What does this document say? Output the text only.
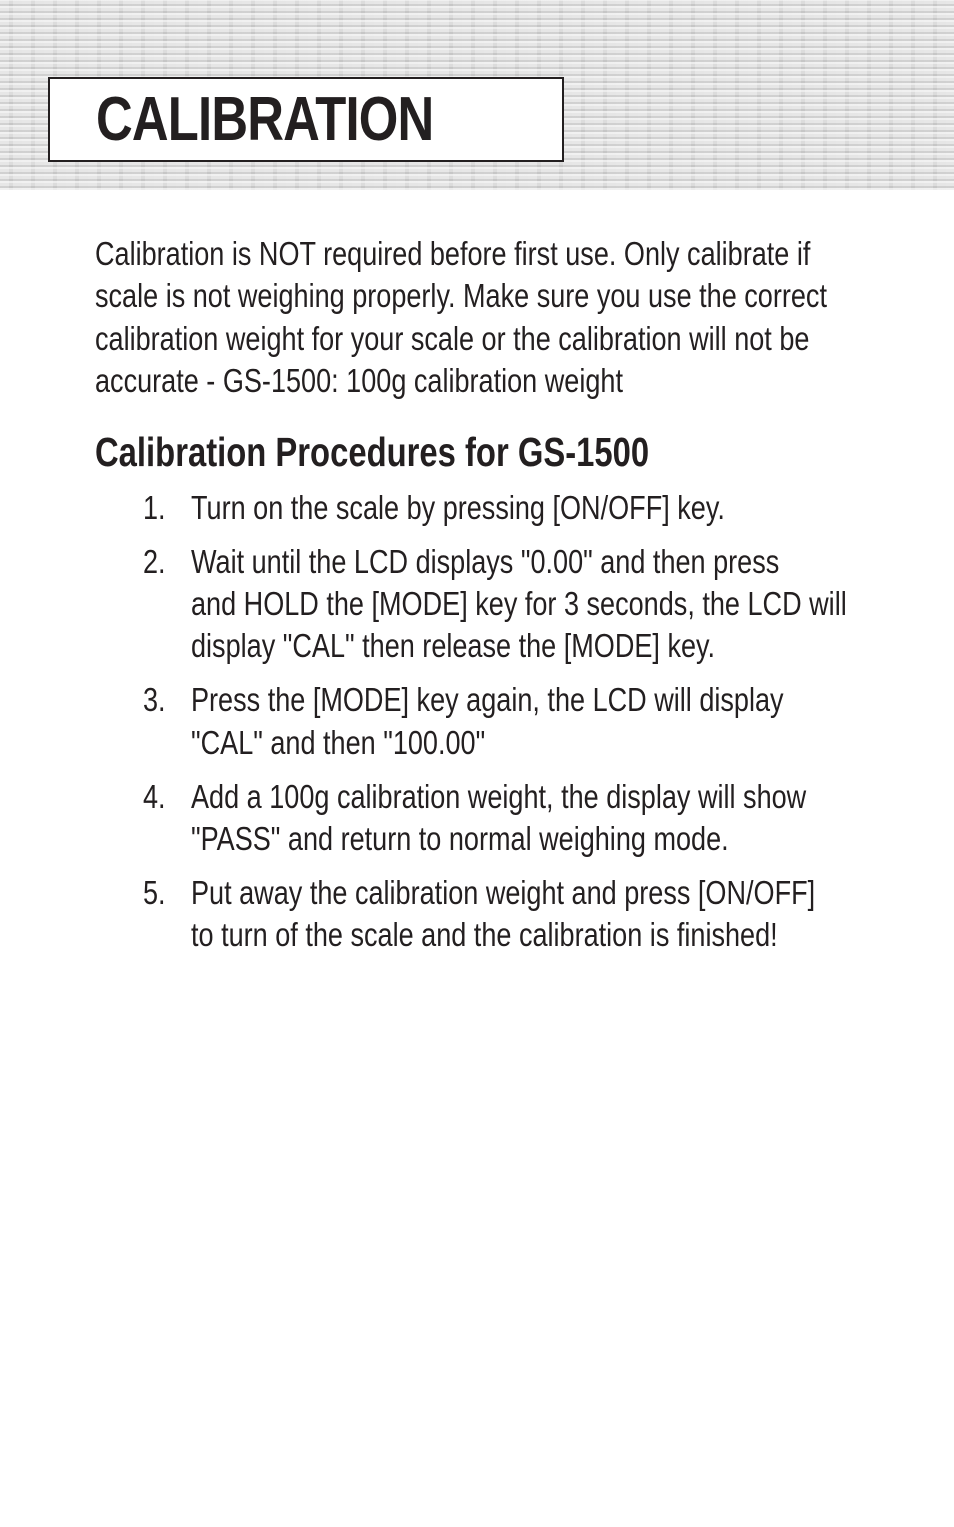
CALIBRATION

Calibration is NOT required before first use. Only calibrate if
scale is not weighing properly. Make sure you use the correct
calibration weight for your scale or the calibration will not be
accurate - GS-1500: 100g calibration weight

Calibration Procedures for GS-1500
1. Turn on the scale by pressing [ON/OFF] key.
2. Wait until the LCD displays "0.00" and then press
and HOLD the [MODE] key for 3 seconds, the LCD will
display "CAL" then release the [MODE] key.
3. Press the [MODE] key again, the LCD will display
"CAL" and then "100.00"
4. Add a 100g calibration weight, the display will show
"PASS" and return to normal weighing mode.
5. Put away the calibration weight and press [ON/OFF]
to turn of the scale and the calibration is finished!
